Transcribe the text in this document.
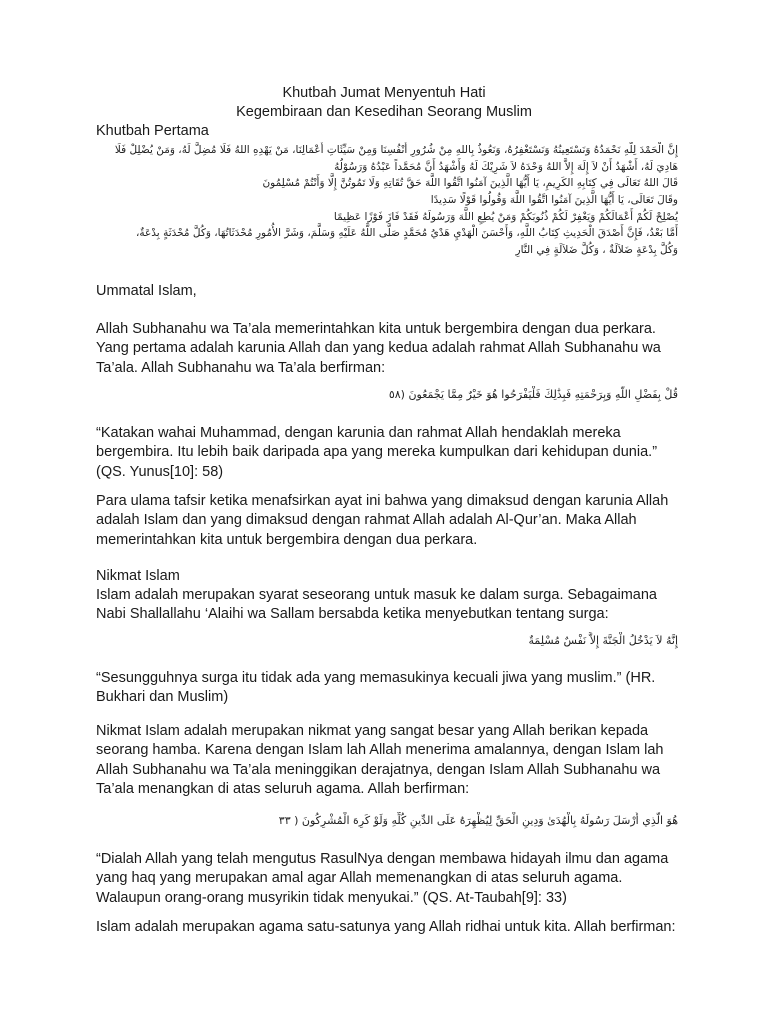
Khutbah Jumat Menyentuh Hati
Kegembiraan dan Kesedihan Seorang Muslim
Khutbah Pertama
إِنَّ الْحَمْدَ لِلَّهِ نَحْمَدُهُ وَنَسْتَعِينُهُ وَنَسْتَغْفِرُهُ، وَنَعُوذُ بِاللهِ مِنْ شُرُورِ أَنْفُسِنَا وَمِنْ سَيِّئَاتِ أَعْمَالِنَا، مَنْ يَهْدِهِ اللهُ فَلَا مُضِلَّ لَهُ، وَمَنْ يُضْلِلْ فَلَا
هَادِيَ لَهُ، أَشْهَدُ أَنْ لاَ إِلَهَ إِلاَّ اللهُ وَحْدَهُ لاَ شَرِيْكَ لَهُ وَأَشْهَدُ أَنَّ مُحَمَّداً عَبْدُهُ وَرَسُوْلُهُ
قَالَ اللهُ تَعَالَى فِي كِتَابِهِ الكَرِيمِ، يَا أَيُّهَا الَّذِينَ آمَنُوا اتَّقُوا اللَّهَ حَقَّ تُقَاتِهِ وَلَا تَمُوتُنَّ إِلَّا وَأَنْتُمْ مُسْلِمُونَ
وقَالَ تَعَالَى، يَا أَيُّهَا الَّذِينَ آمَنُوا اتَّقُوا اللَّهَ وَقُولُوا قَوْلًا سَدِيدًا
يُصْلِحْ لَكُمْ أَعْمَالَكُمْ وَيَغْفِرْ لَكُمْ ذُنُوبَكُمْ وَمَنْ يُطِعِ اللَّهَ وَرَسُولَهُ فَقَدْ فَازَ فَوْزًا عَظِيمًا
أَمَّا بَعْدُ، فَإِنَّ أَصْدَقَ الْحَدِيثِ كِتَابُ اللَّهِ، وَأَحْسَنَ الْهَدْيِ هَدْيُ مُحَمَّدٍ صَلَّى اللَّهُ عَلَيْهِ وَسَلَّمَ، وَشَرَّ الأُمُورِ مُحْدَثَاتُهَا، وَكُلَّ مُحْدَثَةٍ بِدْعَةٌ،
وَكُلَّ بِدْعَةٍ ضَلاَلَةٌ ، وَكُلَّ ضَلاَلَةٍ فِي النَّارِ
Ummatal Islam,
Allah Subhanahu wa Ta’ala memerintahkan kita untuk bergembira dengan dua perkara. Yang pertama adalah karunia Allah dan yang kedua adalah rahmat Allah Subhanahu wa Ta’ala. Allah Subhanahu wa Ta’ala berfirman:
قُلْ بِفَضْلِ اللَّهِ وَبِرَحْمَتِهِ فَبِذَٰلِكَ فَلْيَفْرَحُوا هُوَ خَيْرٌ مِمَّا يَجْمَعُونَ (٥٨
“Katakan wahai Muhammad, dengan karunia dan rahmat Allah hendaklah mereka bergembira. Itu lebih baik daripada apa yang mereka kumpulkan dari kehidupan dunia.” (QS. Yunus[10]: 58)
Para ulama tafsir ketika menafsirkan ayat ini bahwa yang dimaksud dengan karunia Allah adalah Islam dan yang dimaksud dengan rahmat Allah adalah Al-Qur’an. Maka Allah memerintahkan kita untuk bergembira dengan dua perkara.
Nikmat Islam
Islam adalah merupakan syarat seseorang untuk masuk ke dalam surga. Sebagaimana Nabi Shallallahu ‘Alaihi wa Sallam bersabda ketika menyebutkan tentang surga:
إِنَّهُ لاَ يَدْخُلُ الْجَنَّةَ إِلاَّ نَفْسٌ مُسْلِمَةٌ
“Sesungguhnya surga itu tidak ada yang memasukinya kecuali jiwa yang muslim.” (HR. Bukhari dan Muslim)
Nikmat Islam adalah merupakan nikmat yang sangat besar yang Allah berikan kepada seorang hamba. Karena dengan Islam lah Allah menerima amalannya, dengan Islam lah Allah Subhanahu wa Ta’ala meninggikan derajatnya, dengan Islam Allah Subhanahu wa Ta’ala menangkan di atas seluruh agama. Allah berfirman:
هُوَ الَّذِي أَرْسَلَ رَسُولَهُ بِالْهُدَىٰ وَدِينِ الْحَقِّ لِيُظْهِرَهُ عَلَى الدِّينِ كُلِّهِ وَلَوْ كَرِهَ الْمُشْرِكُونَ ( ٣٣
“Dialah Allah yang telah mengutus RasulNya dengan membawa hidayah ilmu dan agama yang haq yang merupakan amal agar Allah memenangkan di atas seluruh agama. Walaupun orang-orang musyrikin tidak menyukai.” (QS. At-Taubah[9]: 33)
Islam adalah merupakan agama satu-satunya yang Allah ridhai untuk kita. Allah berfirman:
